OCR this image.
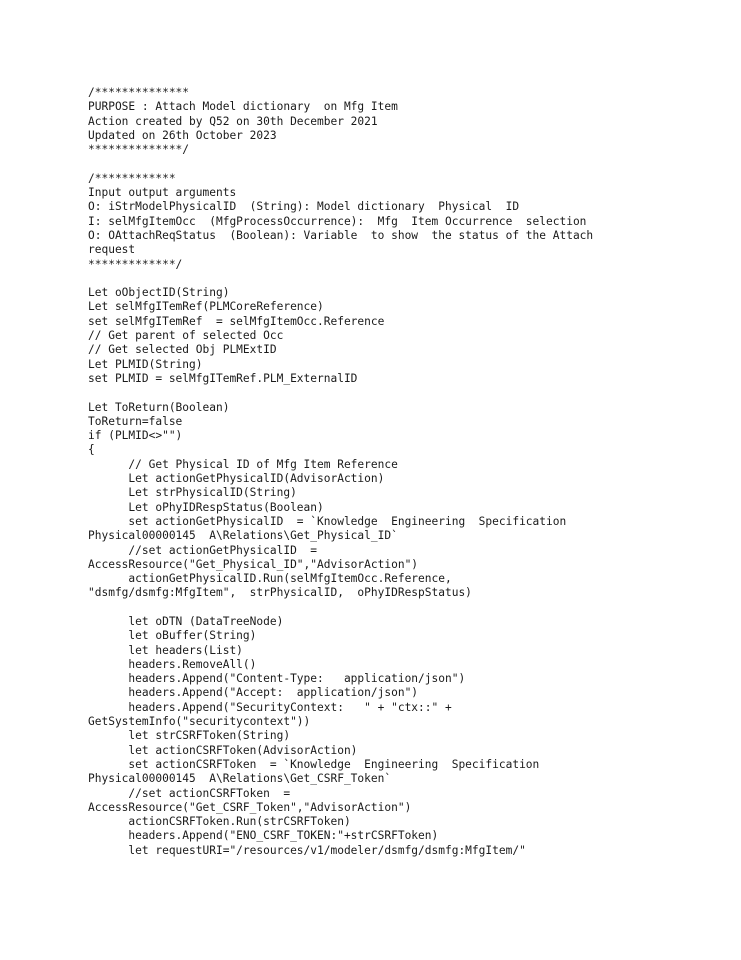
/**************
PURPOSE : Attach Model dictionary  on Mfg Item
Action created by Q52 on 30th December 2021
Updated on 26th October 2023
**************/
/************
Input output arguments
O: iStrModelPhysicalID  (String): Model dictionary  Physical  ID
I: selMfgItemOcc  (MfgProcessOccurrence):  Mfg  Item Occurrence  selection
O: OAttachReqStatus  (Boolean): Variable  to show  the status of the Attach
request
*************/
Let oObjectID(String)
Let selMfgITemRef(PLMCoreReference)
set selMfgITemRef  = selMfgItemOcc.Reference
// Get parent of selected Occ
// Get selected Obj PLMExtID
Let PLMID(String)
set PLMID = selMfgITemRef.PLM_ExternalID
Let ToReturn(Boolean)
ToReturn=false
if (PLMID<>"")
{
// Get Physical ID of Mfg Item Reference
Let actionGetPhysicalID(AdvisorAction)
Let strPhysicalID(String)
Let oPhyIDRespStatus(Boolean)
set actionGetPhysicalID  = `Knowledge  Engineering  Specification
Physical00000145  A\Relations\Get_Physical_ID`
//set actionGetPhysicalID  =
AccessResource("Get_Physical_ID","AdvisorAction")
actionGetPhysicalID.Run(selMfgItemOcc.Reference,
"dsmfg/dsmfg:MfgItem",  strPhysicalID,  oPhyIDRespStatus)
let oDTN (DataTreeNode)
let oBuffer(String)
let headers(List)
headers.RemoveAll()
headers.Append("Content-Type:   application/json")
headers.Append("Accept:  application/json")
headers.Append("SecurityContext:   " + "ctx::" +
GetSystemInfo("securitycontext"))
let strCSRFToken(String)
let actionCSRFToken(AdvisorAction)
set actionCSRFToken  = `Knowledge  Engineering  Specification
Physical00000145  A\Relations\Get_CSRF_Token`
//set actionCSRFToken  =
AccessResource("Get_CSRF_Token","AdvisorAction")
actionCSRFToken.Run(strCSRFToken)
headers.Append("ENO_CSRF_TOKEN:"+strCSRFToken)
let requestURI="/resources/v1/modeler/dsmfg/dsmfg:MfgItem/"
